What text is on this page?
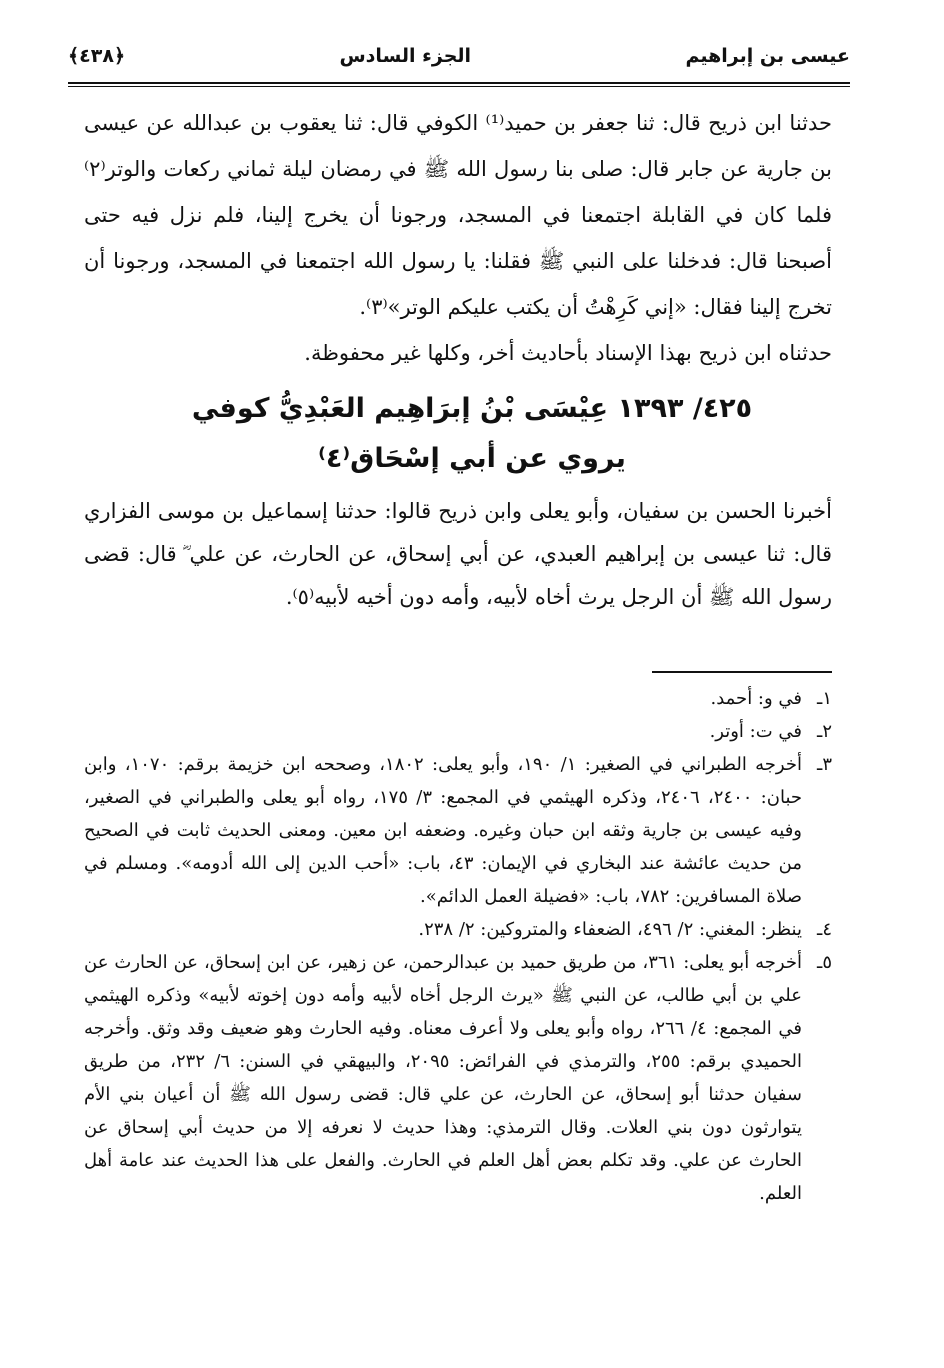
عيسى بن إبراهيم
الجزء السادس
﴿٤٣٨﴾

حدثنا ابن ذريح قال: ثنا جعفر بن حميد⁽¹⁾ الكوفي قال: ثنا يعقوب بن عبدالله عن عيسى بن جارية عن جابر قال: صلى بنا رسول الله ﷺ في رمضان ليلة ثماني ركعات والوتر⁽٢⁾ فلما كان في القابلة اجتمعنا في المسجد، ورجونا أن يخرج إلينا، فلم نزل فيه حتى أصبحنا قال: فدخلنا على النبي ﷺ فقلنا: يا رسول الله اجتمعنا في المسجد، ورجونا أن تخرج إلينا فقال: «إني كَرِهْتُ أن يكتب عليكم الوتر»⁽٣⁾.

حدثناه ابن ذريح بهذا الإسناد بأحاديث أخر، وكلها غير محفوظة.

٤٢٥/ ١٣٩٣ عِيْسَى بْنُ إبرَاهِيم العَبْدِيُّ كوفي
يروي عن أبي إسْحَاق⁽٤⁾

أخبرنا الحسن بن سفيان، وأبو يعلى وابن ذريح قالوا: حدثنا إسماعيل بن موسى الفزاري قال: ثنا عيسى بن إبراهيم العبدي، عن أبي إسحاق، عن الحارث، عن علي ؓ قال: قضى رسول الله ﷺ أن الرجل يرث أخاه لأبيه، وأمه دون أخيه لأبيه⁽٥⁾.

١ـ
في و: أحمد.
٢ـ
في ت: أوتر.
٣ـ
أخرجه الطبراني في الصغير: ١/ ١٩٠، وأبو يعلى: ١٨٠٢، وصححه ابن خزيمة برقم: ١٠٧٠، وابن حبان: ٢٤٠٠، ٢٤٠٦، وذكره الهيثمي في المجمع: ٣/ ١٧٥، رواه أبو يعلى والطبراني في الصغير، وفيه عيسى بن جارية وثقه ابن حبان وغيره. وضعفه ابن معين. ومعنى الحديث ثابت في الصحيح من حديث عائشة عند البخاري في الإيمان: ٤٣، باب: «أحب الدين إلى الله أدومه». ومسلم في صلاة المسافرين: ٧٨٢، باب: «فضيلة العمل الدائم».
٤ـ
ينظر: المغني: ٢/ ٤٩٦، الضعفاء والمتروكين: ٢/ ٢٣٨.
٥ـ
أخرجه أبو يعلى: ٣٦١، من طريق حميد بن عبدالرحمن، عن زهير، عن ابن إسحاق، عن الحارث عن علي بن أبي طالب، عن النبي ﷺ «يرث الرجل أخاه لأبيه وأمه دون إخوته لأبيه» وذكره الهيثمي في المجمع: ٤/ ٢٦٦، رواه وأبو يعلى ولا أعرف معناه. وفيه الحارث وهو ضعيف وقد وثق. وأخرجه الحميدي برقم: ٢٥٥، والترمذي في الفرائض: ٢٠٩٥، والبيهقي في السنن: ٦/ ٢٣٢، من طريق سفيان حدثنا أبو إسحاق، عن الحارث، عن علي قال: قضى رسول الله ﷺ أن أعيان بني الأم يتوارثون دون بني العلات. وقال الترمذي: وهذا حديث لا نعرفه إلا من حديث أبي إسحاق عن الحارث عن علي. وقد تكلم بعض أهل العلم في الحارث. والفعل على هذا الحديث عند عامة أهل العلم.
